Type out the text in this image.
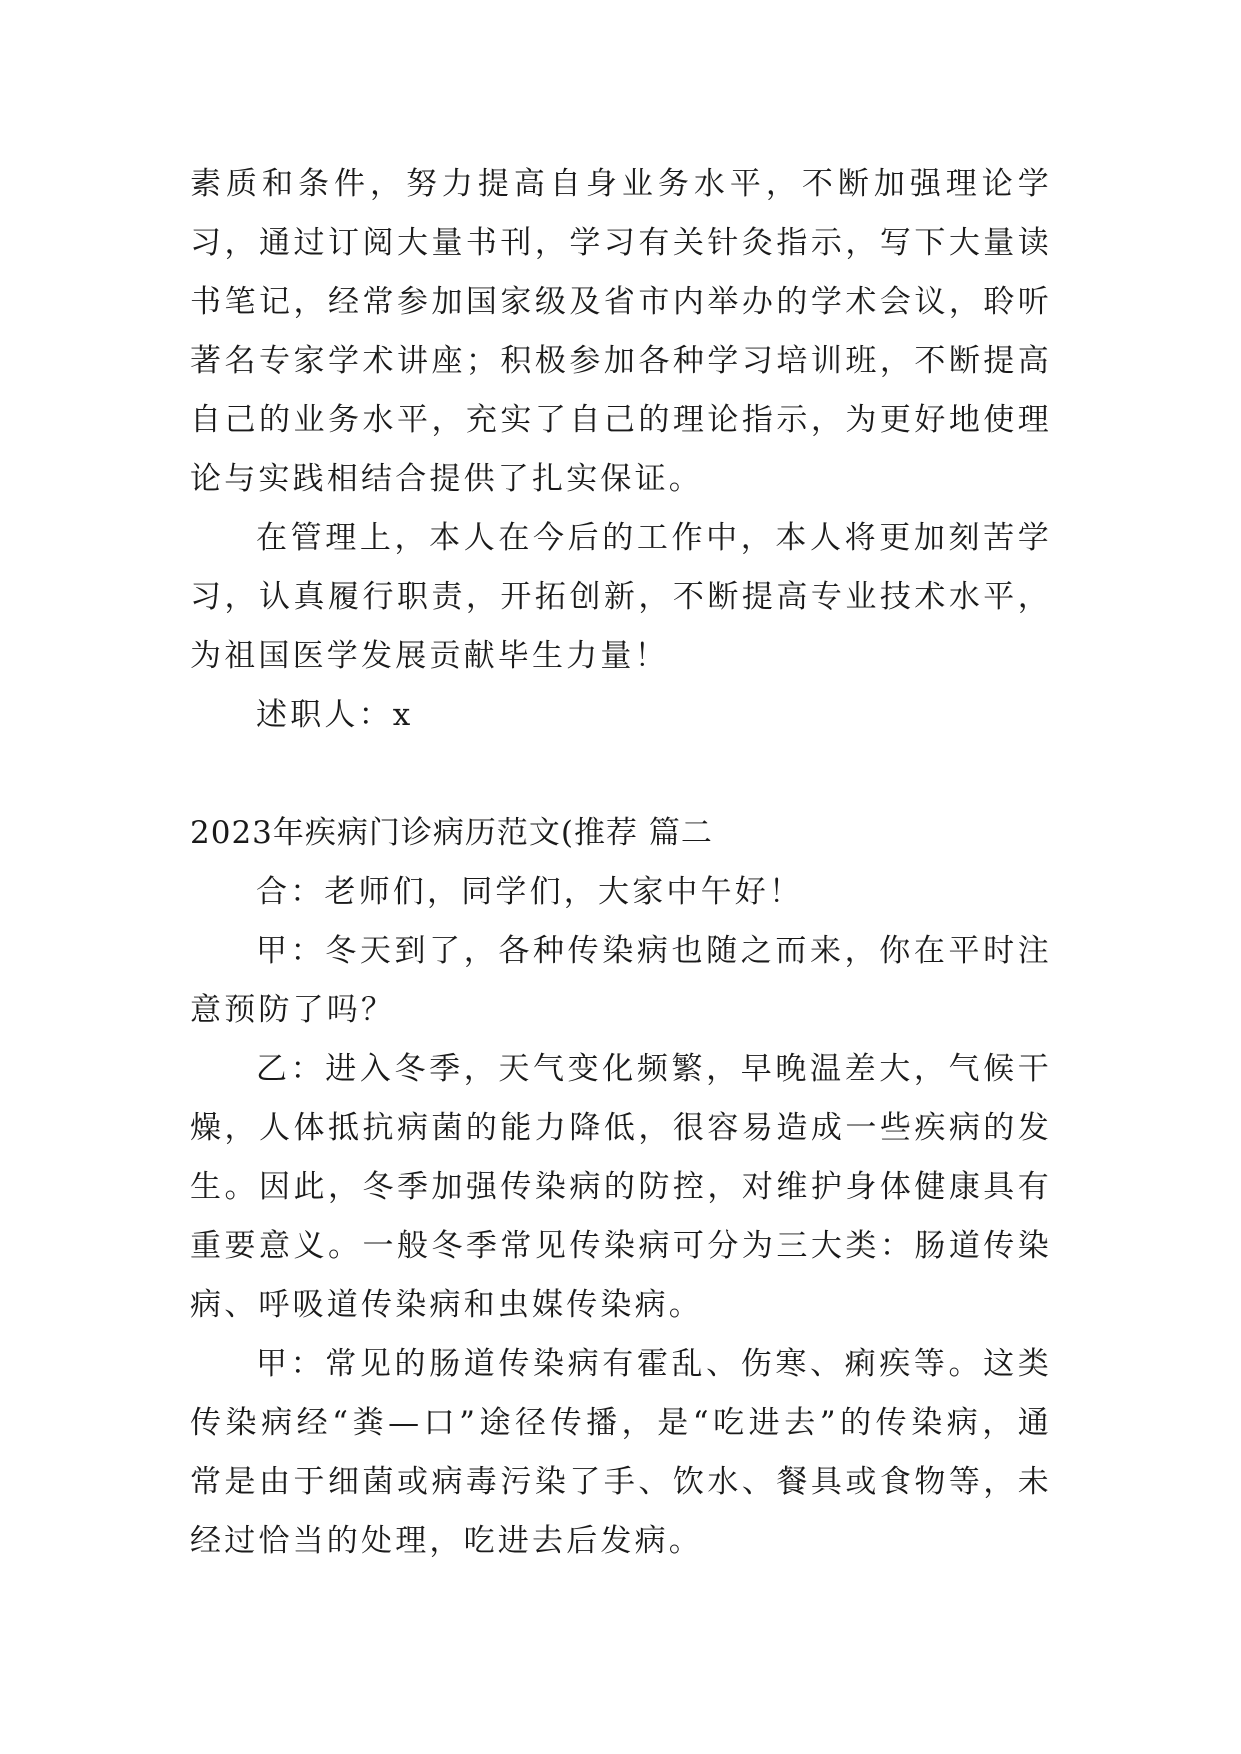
素质和条件，努力提高自身业务水平，不断加强理论学习，通过订阅大量书刊，学习有关针灸指示，写下大量读书笔记，经常参加国家级及省市内举办的学术会议，聆听著名专家学术讲座；积极参加各种学习培训班，不断提高自己的业务水平，充实了自己的理论指示，为更好地使理论与实践相结合提供了扎实保证。

在管理上，本人在今后的工作中，本人将更加刻苦学习，认真履行职责，开拓创新，不断提高专业技术水平，为祖国医学发展贡献毕生力量！

述职人：x

2023年疾病门诊病历范文(推荐 篇二

合：老师们，同学们，大家中午好！

甲：冬天到了，各种传染病也随之而来，你在平时注意预防了吗？

乙：进入冬季，天气变化频繁，早晚温差大，气候干燥，人体抵抗病菌的能力降低，很容易造成一些疾病的发生。因此，冬季加强传染病的防控，对维护身体健康具有重要意义。一般冬季常见传染病可分为三大类：肠道传染病、呼吸道传染病和虫媒传染病。

甲：常见的肠道传染病有霍乱、伤寒、痢疾等。这类传染病经“粪—口”途径传播，是“吃进去”的传染病，通常是由于细菌或病毒污染了手、饮水、餐具或食物等，未经过恰当的处理，吃进去后发病。
